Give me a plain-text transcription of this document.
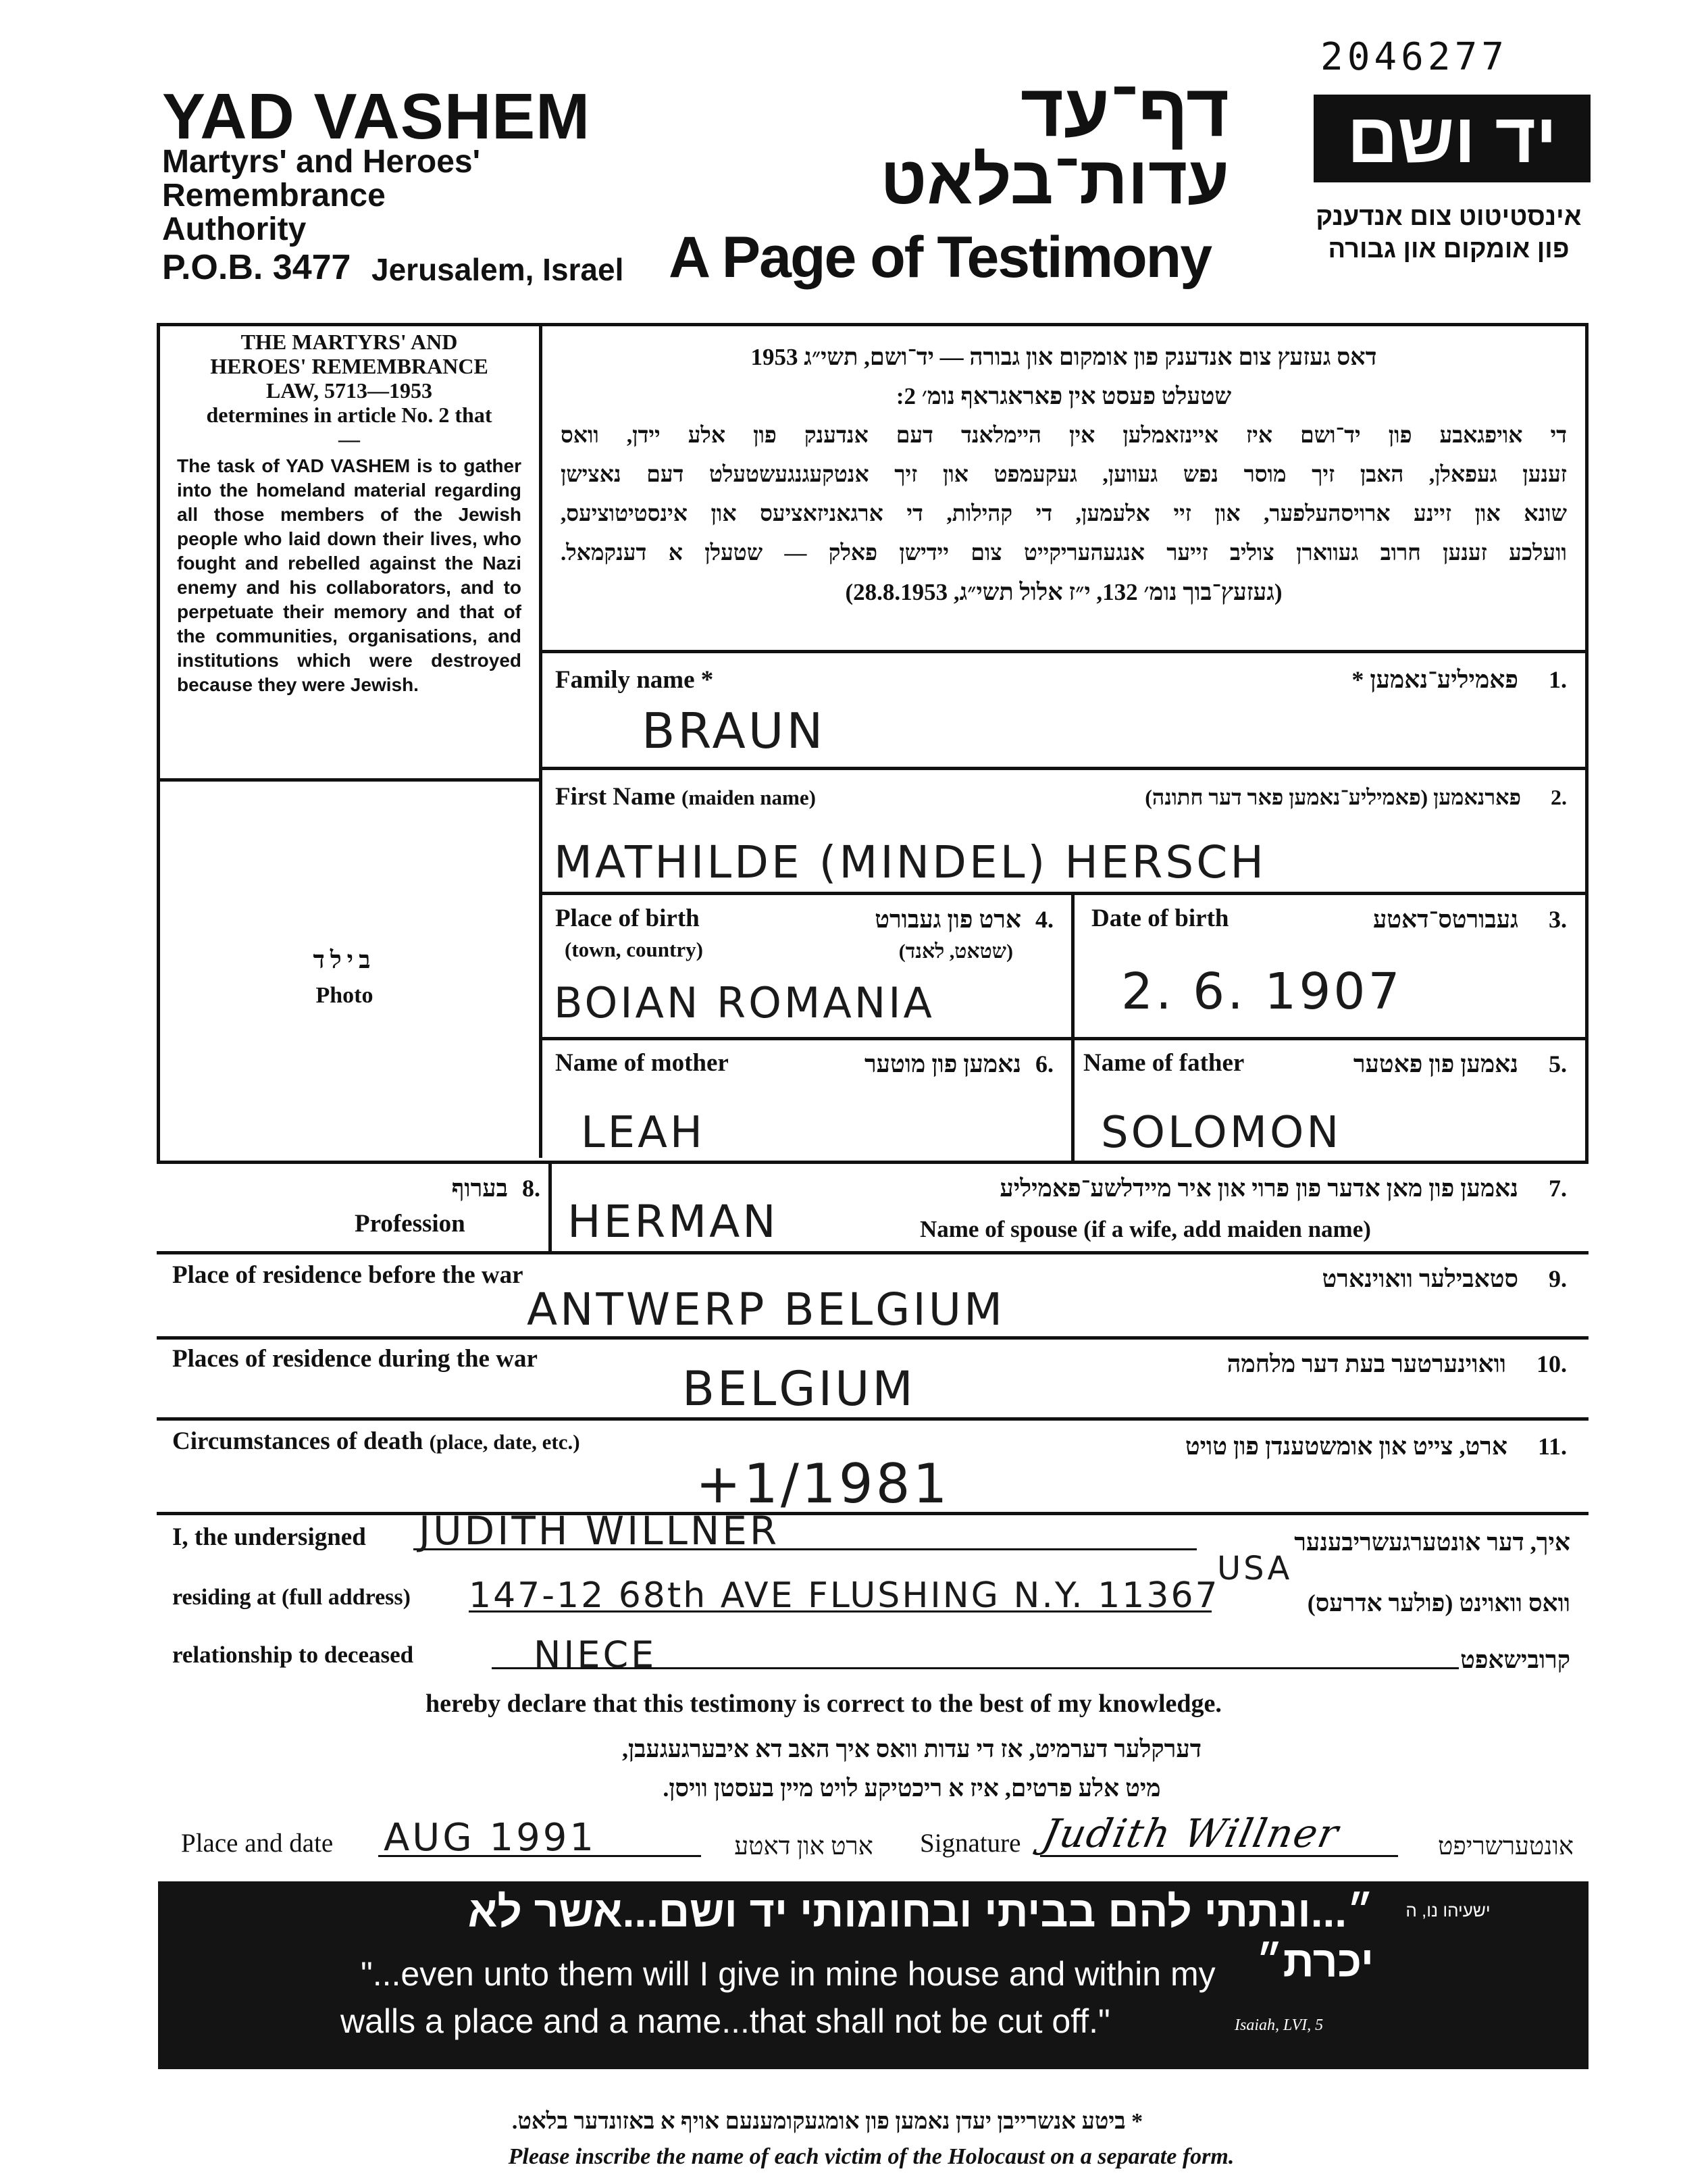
2046277
YAD VASHEM
Martyrs' and Heroes'
Remembrance
Authority
P.O.B. 3477 Jerusalem, Israel
דף־עד
עדות־בלאט
A Page of Testimony
יד ושם
אינסטיטוט צום אנדענק
פון אומקום און גבורה
THE MARTYRS' AND HEROES' REMEMBRANCE LAW, 5713—1953
determines in article No. 2 that —
The task of YAD VASHEM is to gather into the homeland material regarding all those members of the Jewish people who laid down their lives, who fought and rebelled against the Nazi enemy and his collaborators, and to perpetuate their memory and that of the communities, organisations, and institutions which were destroyed because they were Jewish.
בילד
Photo
דאס געזעץ צום אנדענק פון אומקום און גבורה — יד־ושם, תשי״ג 1953
שטעלט פעסט אין פאראגראף נומ׳ 2:
די אויפגאבע פון יד־ושם איז איינזאמלען אין היימלאנד דעם אנדענק פון אלע יידן, וואס
זענען געפאלן, האבן זיך מוסר נפש געווען, געקעמפט און זיך אנטקעגנגעשטעלט דעם נאצישן
שונא און זיינע ארויסהעלפער, און זיי אלעמען, די קהילות, די ארגאניזאציעס און אינסטיטוציעס,
וועלכע זענען חרוב געווארן צוליב זייער אנגעהעריקייט צום יידישן פאלק — שטעלן א דענקמאל.
(געזעץ־בוך נומ׳ 132, י״ז אלול תשי״ג, 28.8.1953)
Family name *	.1 פאמיליע־נאמען *
BRAUN
First Name (maiden name)	.2 פארנאמען (פאמיליע־נאמען פאר דער חתונה)
MATHILDE (MINDEL) HERSCH
Place of birth
(town, country)
.4 ארט פון געבורט
(שטאט, לאנד)
BOIAN ROMANIA
Date of birth	.3 געבורטס־דאטע
2. 6. 1907
Name of mother	.6 נאמען פון מוטער
LEAH
Name of father	.5 נאמען פון פאטער
SOLOMON
.8 בערוף
Profession
.7 נאמען פון מאן אדער פון פרוי און איר מיידלשע־פאמיליע
Name of spouse (if a wife, add maiden name)
HERMAN
Place of residence before the war	.9 סטאבילער וואוינארט
ANTWERP BELGIUM
Places of residence during the war	.10 וואוינערטער בעת דער מלחמה
BELGIUM
Circumstances of death (place, date, etc.)	.11 ארט, צייט און אומשטענדן פון טויט
+1/1981
I, the undersigned JUDITH WILLNER	איך, דער אונטערגעשריבענער
residing at (full address) 147-12 68th AVE FLUSHING N.Y. 11367
USA
וואס וואוינט (פולער אדרעס)
relationship to deceased	NIECE	קרובישאפט
hereby declare that this testimony is correct to the best of my knowledge.
דערקלער דערמיט, אז די עדות וואס איך האב דא איבערגעגעבן,
מיט אלע פרטים, איז א ריכטיקע לויט מיין בעסטן וויסן.
Place and date AUG 1991	ארט און דאטע	Signature Judith Willner	אונטערשריפט
״...ונתתי להם בביתי ובחומותי יד ושם...אשר לא יכרת״
ישעיהו נו, ה
"...even unto them will I give in mine house and within my
walls a place and a name...that shall not be cut off."	Isaiah, LVI, 5
* ביטע אנשרייבן יעדן נאמען פון אומגעקומענעם אויף א באזונדער בלאט.
Please inscribe the name of each victim of the Holocaust on a separate form.
